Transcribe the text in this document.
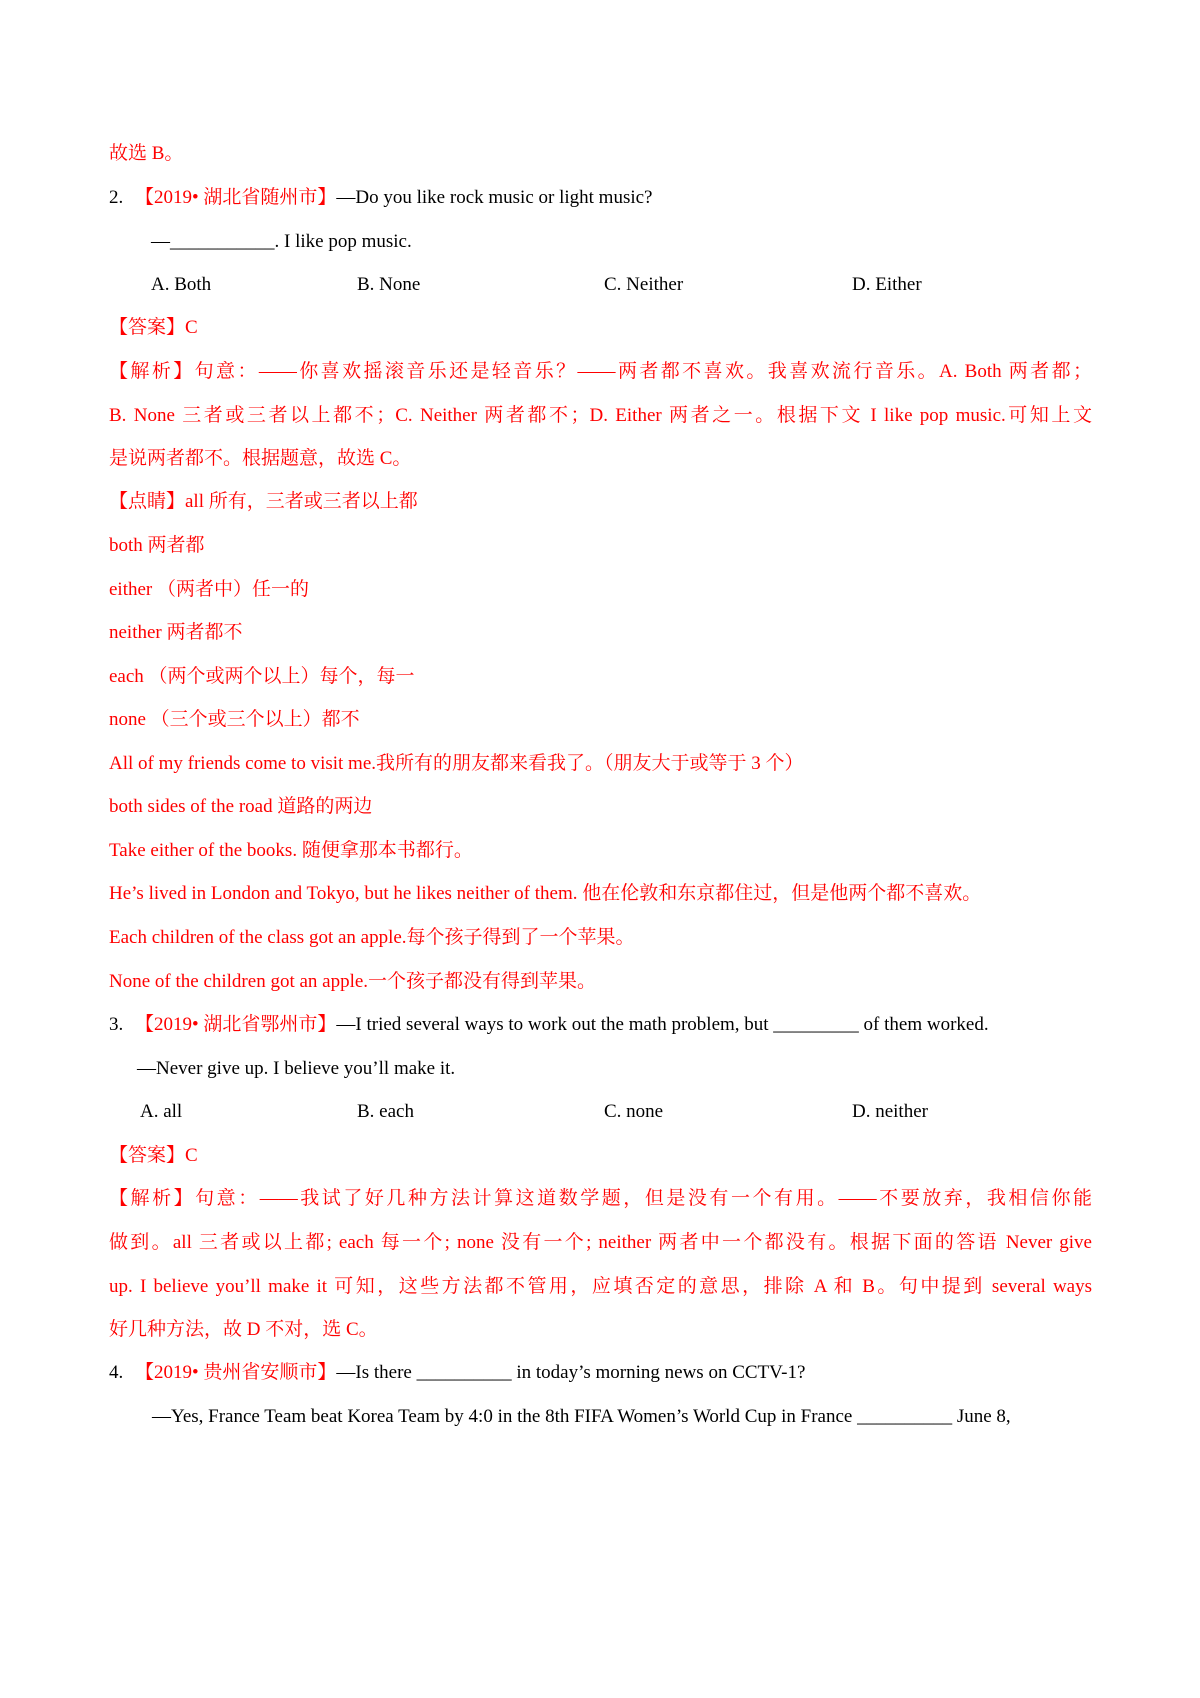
故选 B。
2. 【2019• 湖北省随州市】—Do you like rock music or light music?
—___________. I like pop music.
A. Both	B. None	C. Neither	D. Either
【答案】C
【解析】句意：——你喜欢摇滚音乐还是轻音乐？——两者都不喜欢。我喜欢流行音乐。A. Both 两者都；
B. None 三者或三者以上都不；C. Neither 两者都不；D. Either 两者之一。根据下文 I like pop music.可知上文
是说两者都不。根据题意，故选 C。
【点睛】all 所有，三者或三者以上都
both 两者都
either （两者中）任一的
neither 两者都不
each （两个或两个以上）每个，每一
none （三个或三个以上）都不
All of my friends come to visit me.我所有的朋友都来看我了。（朋友大于或等于 3 个）
both sides of the road 道路的两边
Take either of the books. 随便拿那本书都行。
He’s lived in London and Tokyo, but he likes neither of them. 他在伦敦和东京都住过，但是他两个都不喜欢。
Each children of the class got an apple.每个孩子得到了一个苹果。
None of the children got an apple.一个孩子都没有得到苹果。
3. 【2019• 湖北省鄂州市】—I tried several ways to work out the math problem, but _________ of them worked.
—Never give up. I believe you’ll make it.
A. all	B. each	C. none	D. neither
【答案】C
【解析】句意：——我试了好几种方法计算这道数学题，但是没有一个有用。——不要放弃，我相信你能
做到。all 三者或以上都; each 每一个; none 没有一个; neither 两者中一个都没有。根据下面的答语 Never give
up. I believe you’ll make it 可知，这些方法都不管用，应填否定的意思，排除 A 和 B。句中提到 several ways
好几种方法，故 D 不对，选 C。
4. 【2019• 贵州省安顺市】—Is there __________ in today’s morning news on CCTV-1?
—Yes, France Team beat Korea Team by 4:0 in the 8th FIFA Women’s World Cup in France __________ June 8,
